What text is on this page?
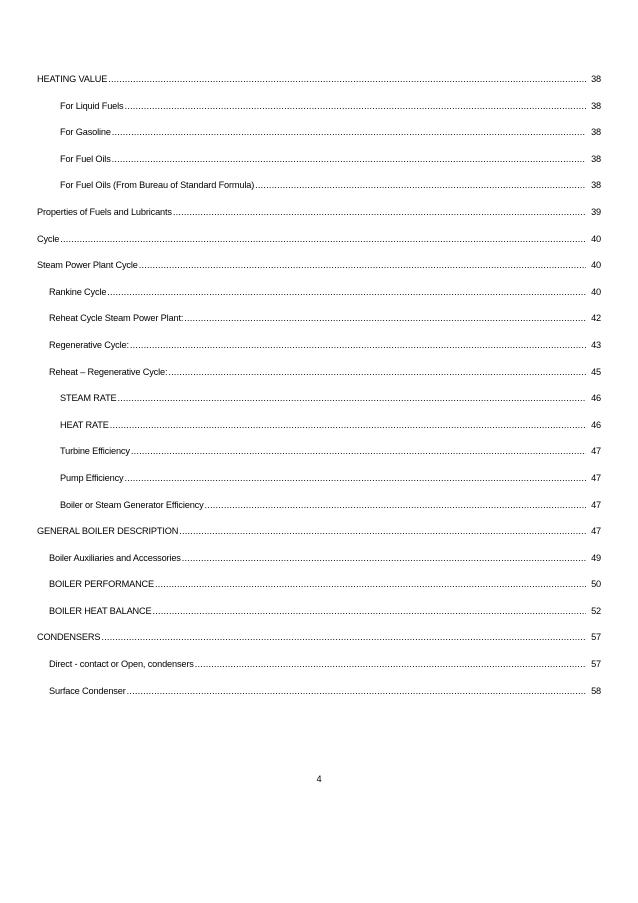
HEATING VALUE .....	38
For Liquid Fuels .....	38
For Gasoline .....	38
For Fuel Oils .....	38
For Fuel Oils (From Bureau of Standard Formula) .....	38
Properties of Fuels and Lubricants .....	39
Cycle .....	40
Steam Power Plant Cycle .....	40
Rankine Cycle .....	40
Reheat Cycle Steam Power Plant: .....	42
Regenerative Cycle: .....	43
Reheat – Regenerative Cycle: .....	45
STEAM RATE .....	46
HEAT RATE .....	46
Turbine Efficiency .....	47
Pump Efficiency .....	47
Boiler or Steam Generator Efficiency .....	47
GENERAL BOILER DESCRIPTION .....	47
Boiler Auxiliaries and Accessories .....	49
BOILER PERFORMANCE .....	50
BOILER HEAT BALANCE .....	52
CONDENSERS .....	57
Direct - contact or Open, condensers .....	57
Surface Condenser .....	58
4
